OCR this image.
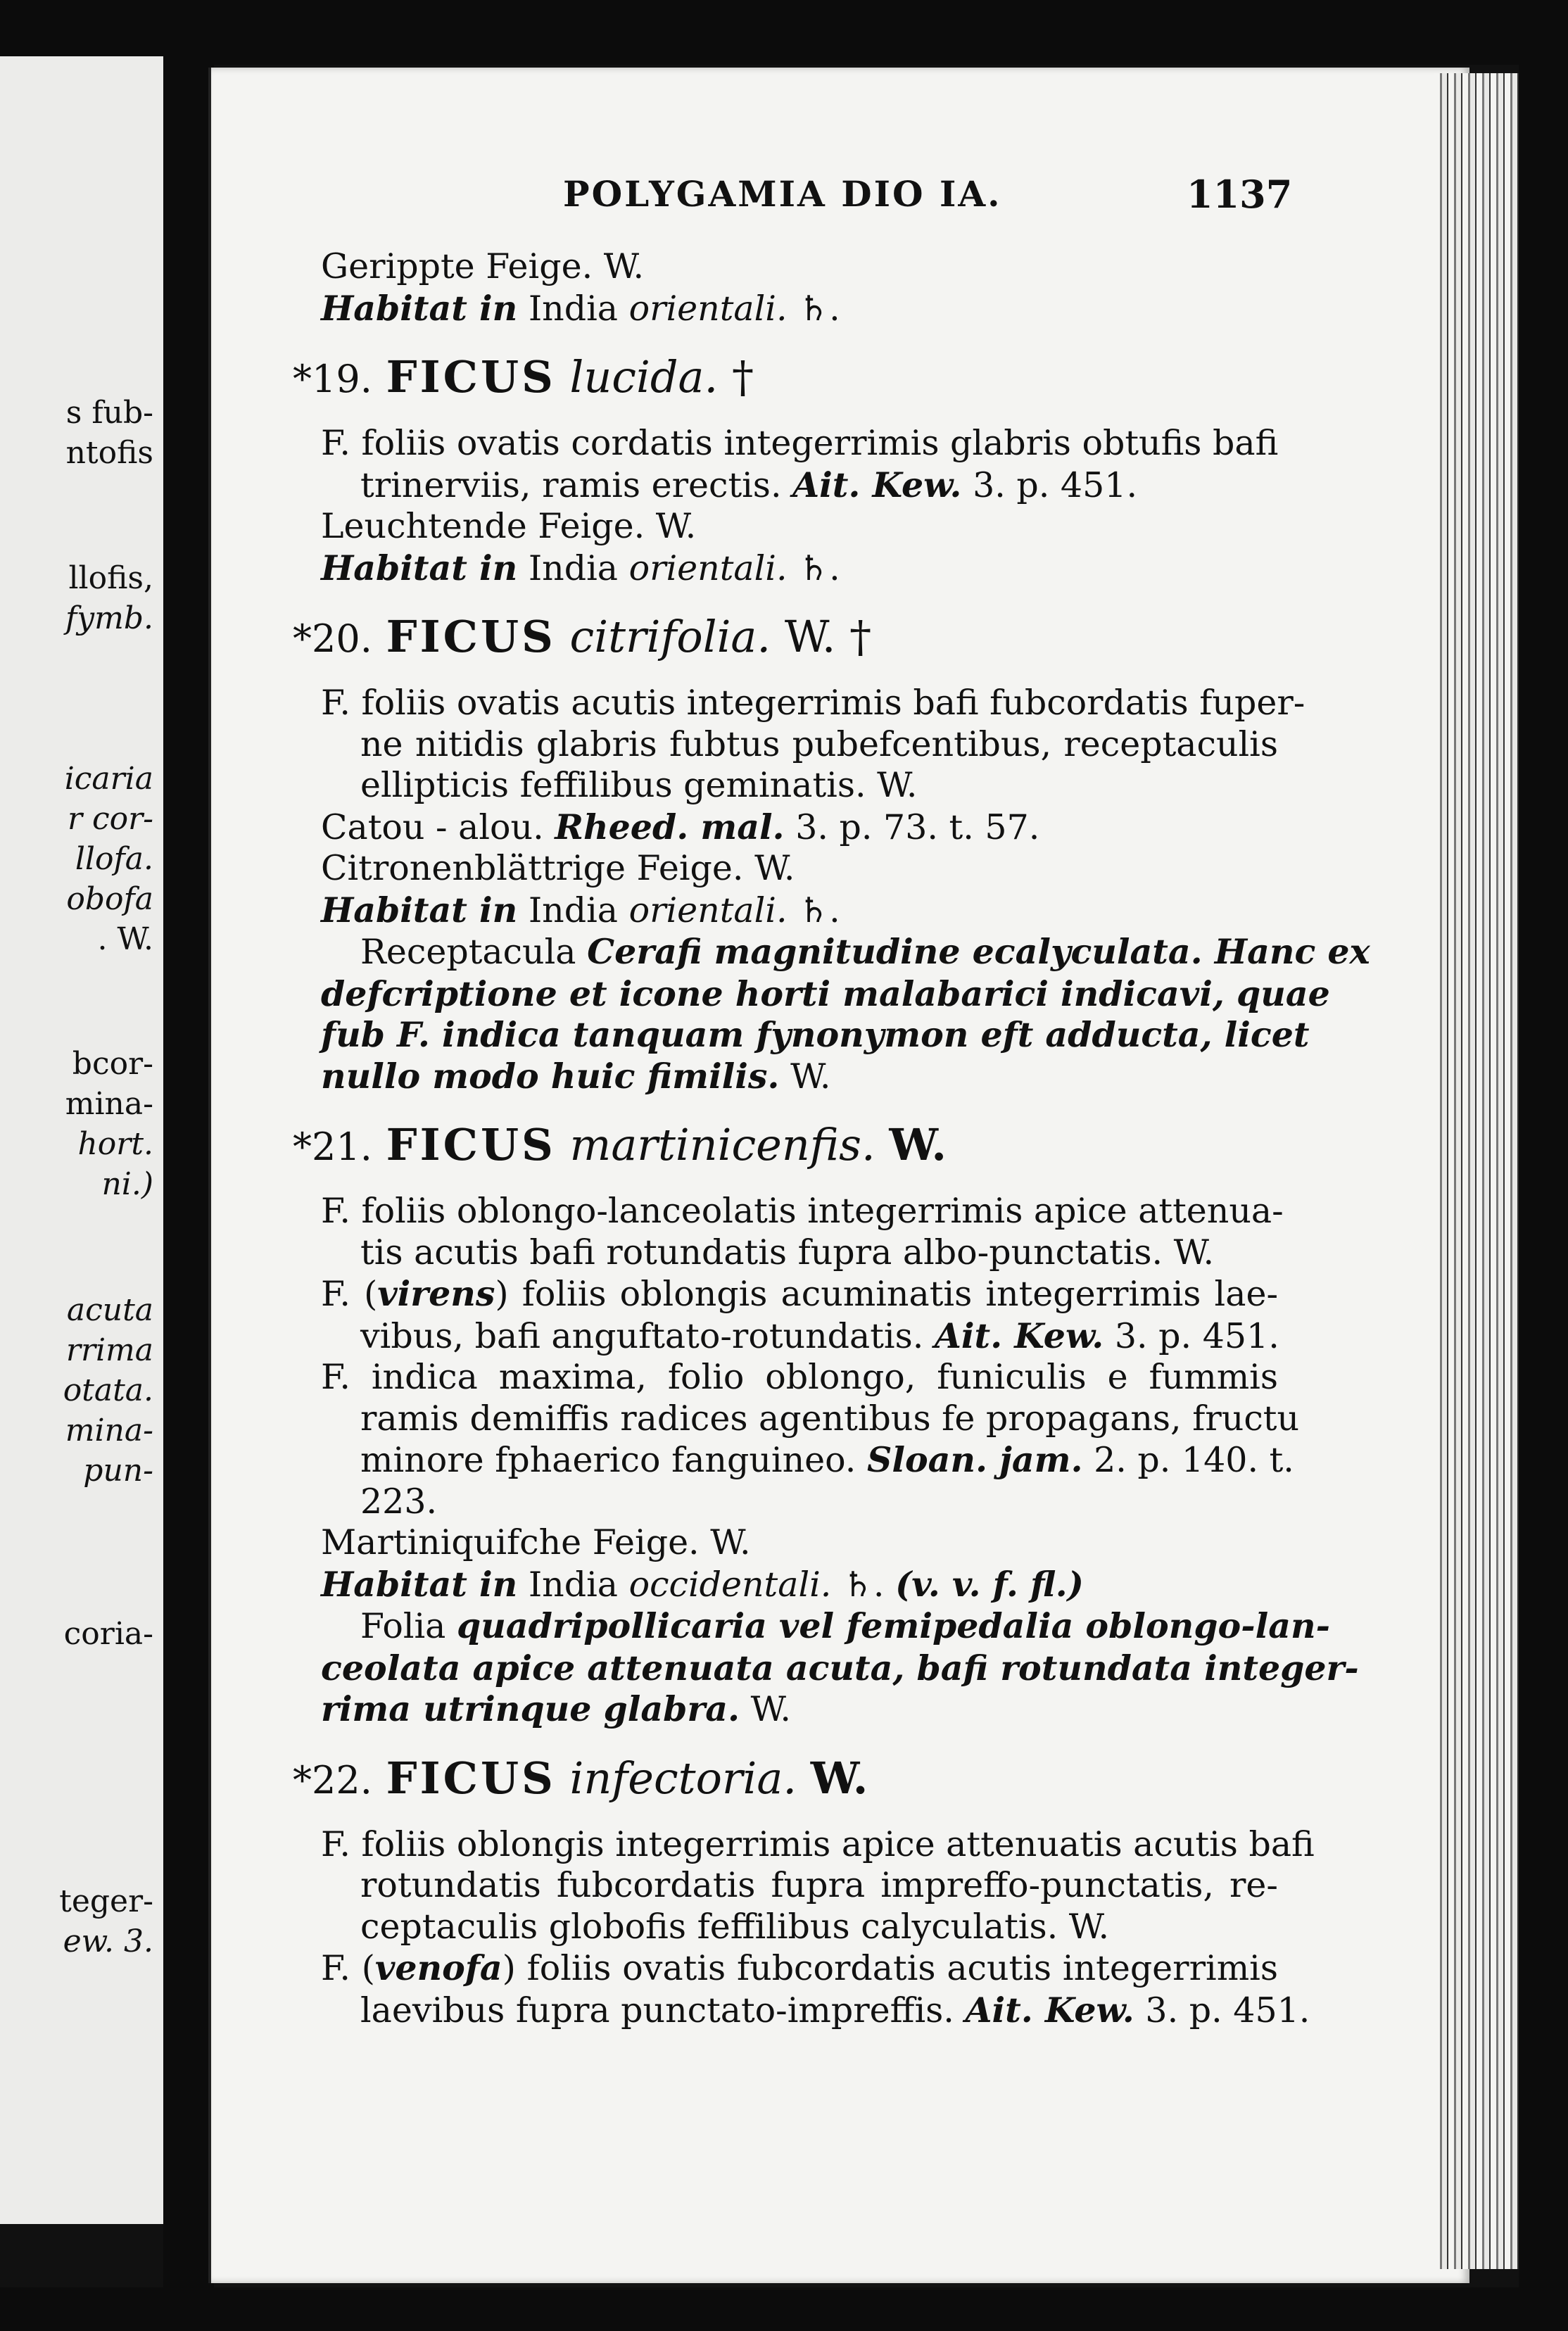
s fub-
ntofis
llofis,
fymb.
icaria
r cor-
llofa.
obofa
. W.
bcor-
mina-
hort.
ni.)
acuta
rrima
otata.
mina-
pun-
coria-
teger-
ew. 3.
POLYGAMIA DIO IA.	1137
Gerippte Feige. W.
Habitat in India orientali. ♄.
*19. FICUS lucida. †
F. foliis ovatis cordatis integerrimis glabris obtufis bafi
trinerviis, ramis erectis. Ait. Kew. 3. p. 451.
Leuchtende Feige. W.
Habitat in India orientali. ♄.
*20. FICUS citrifolia. W. †
F. foliis ovatis acutis integerrimis bafi fubcordatis fuper-
ne nitidis glabris fubtus pubefcentibus, receptaculis
ellipticis feffilibus geminatis. W.
Catou - alou. Rheed. mal. 3. p. 73. t. 57.
Citronenblättrige Feige. W.
Habitat in India orientali. ♄.
Receptacula Cerafi magnitudine ecalyculata. Hanc ex
defcriptione et icone horti malabarici indicavi, quae
fub F. indica tanquam fynonymon eft adducta, licet
nullo modo huic fimilis. W.
*21. FICUS martinicenfis. W.
F. foliis oblongo-lanceolatis integerrimis apice attenua-
tis acutis bafi rotundatis fupra albo-punctatis. W.
F. (virens) foliis oblongis acuminatis integerrimis lae-
vibus, bafi anguftato-rotundatis. Ait. Kew. 3. p. 451.
F. indica maxima, folio oblongo, funiculis e fummis
ramis demiffis radices agentibus fe propagans, fructu
minore fphaerico fanguineo. Sloan. jam. 2. p. 140. t.
223.
Martiniquifche Feige. W.
Habitat in India occidentali. ♄. (v. v. f. fl.)
Folia quadripollicaria vel femipedalia oblongo-lan-
ceolata apice attenuata acuta, bafi rotundata integer-
rima utrinque glabra. W.
*22. FICUS infectoria. W.
F. foliis oblongis integerrimis apice attenuatis acutis bafi
rotundatis fubcordatis fupra impreffo-punctatis, re-
ceptaculis globofis feffilibus calyculatis. W.
F. (venofa) foliis ovatis fubcordatis acutis integerrimis
laevibus fupra punctato-impreffis. Ait. Kew. 3. p. 451.
